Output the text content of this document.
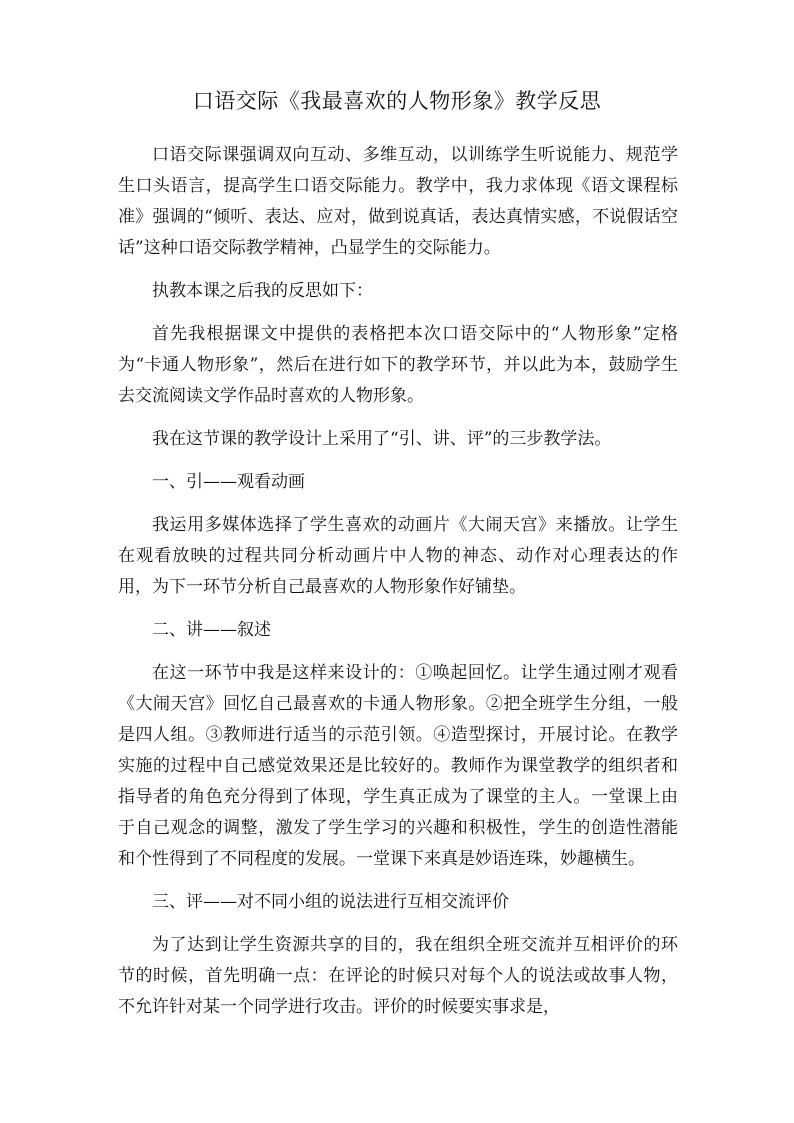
口语交际《我最喜欢的人物形象》教学反思

口语交际课强调双向互动、多维互动，以训练学生听说能力、规范学生口头语言，提高学生口语交际能力。教学中，我力求体现《语文课程标准》强调的“倾听、表达、应对，做到说真话，表达真情实感，不说假话空话”这种口语交际教学精神，凸显学生的交际能力。

执教本课之后我的反思如下：

首先我根据课文中提供的表格把本次口语交际中的“人物形象”定格为“卡通人物形象”，然后在进行如下的教学环节，并以此为本，鼓励学生去交流阅读文学作品时喜欢的人物形象。

我在这节课的教学设计上采用了“引、讲、评”的三步教学法。

一、引——观看动画

我运用多媒体选择了学生喜欢的动画片《大闹天宫》来播放。让学生在观看放映的过程共同分析动画片中人物的神态、动作对心理表达的作用，为下一环节分析自己最喜欢的人物形象作好铺垫。

二、讲——叙述

在这一环节中我是这样来设计的：①唤起回忆。让学生通过刚才观看《大闹天宫》回忆自己最喜欢的卡通人物形象。②把全班学生分组，一般是四人组。③教师进行适当的示范引领。④造型探讨，开展讨论。在教学实施的过程中自己感觉效果还是比较好的。教师作为课堂教学的组织者和指导者的角色充分得到了体现，学生真正成为了课堂的主人。一堂课上由于自己观念的调整，激发了学生学习的兴趣和积极性，学生的创造性潜能和个性得到了不同程度的发展。一堂课下来真是妙语连珠，妙趣横生。

三、评——对不同小组的说法进行互相交流评价

为了达到让学生资源共享的目的，我在组织全班交流并互相评价的环节的时候，首先明确一点：在评论的时候只对每个人的说法或故事人物，不允许针对某一个同学进行攻击。评价的时候要实事求是，
